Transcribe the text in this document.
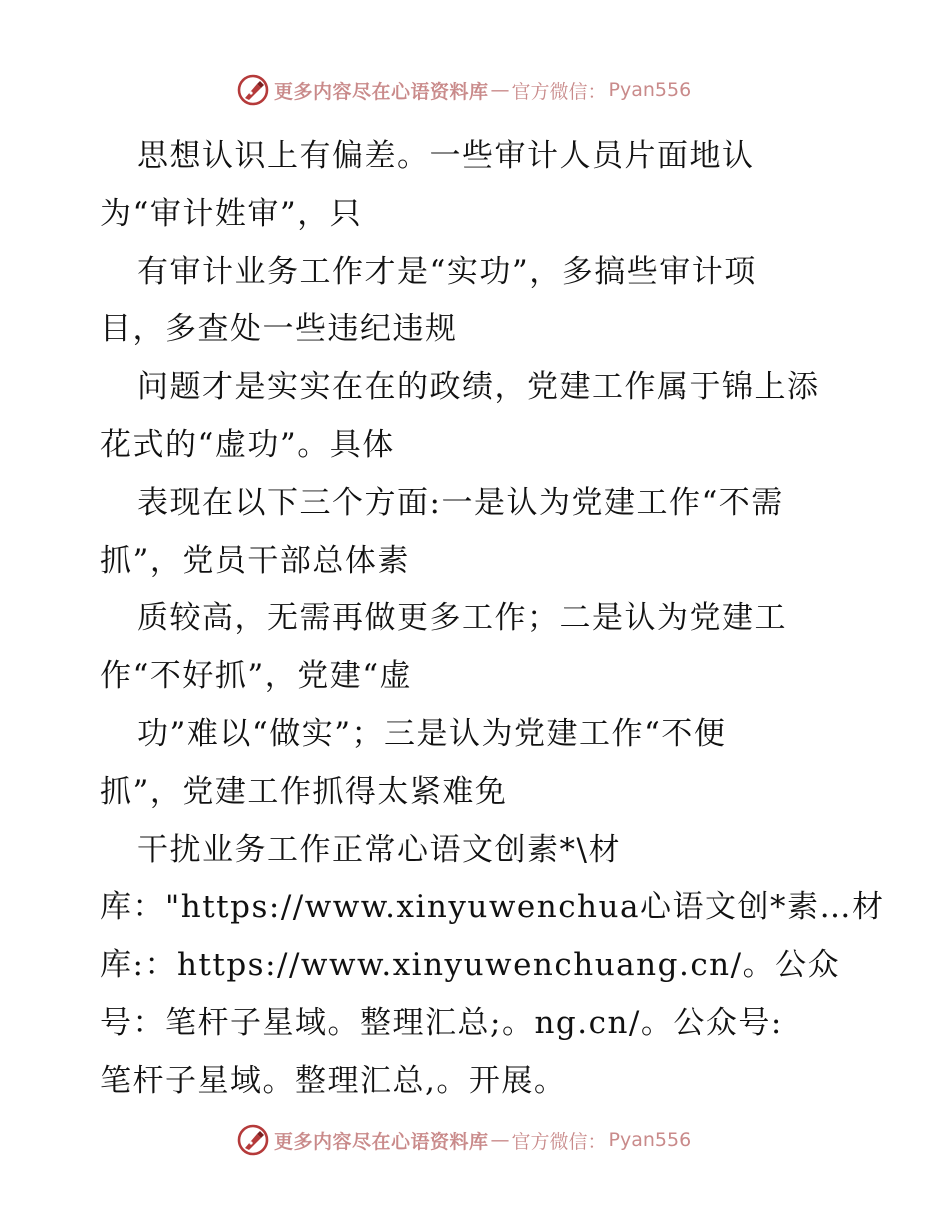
更多内容尽在心语资料库 — 官方微信： Pyan556
思想认识上有偏差。一些审计人员片面地认
为“审计姓审”，只
有审计业务工作才是“实功”，多搞些审计项
目，多查处一些违纪违规
问题才是实实在在的政绩，党建工作属于锦上添
花式的“虚功”。具体
表现在以下三个方面:一是认为党建工作“不需
抓”，党员干部总体素
质较高，无需再做更多工作；二是认为党建工
作“不好抓”，党建“虚
功”难以“做实”；三是认为党建工作“不便
抓”，党建工作抓得太紧难免
干扰业务工作正常心语文创素*\材
库："https://www.xinyuwenchua心语文创*素…材
库:：https://www.xinyuwenchuang.cn/。公众
号：笔杆子星域。整理汇总;。ng.cn/。公众号:
笔杆子星域。整理汇总,。开展。
更多内容尽在心语资料库 — 官方微信： Pyan556
